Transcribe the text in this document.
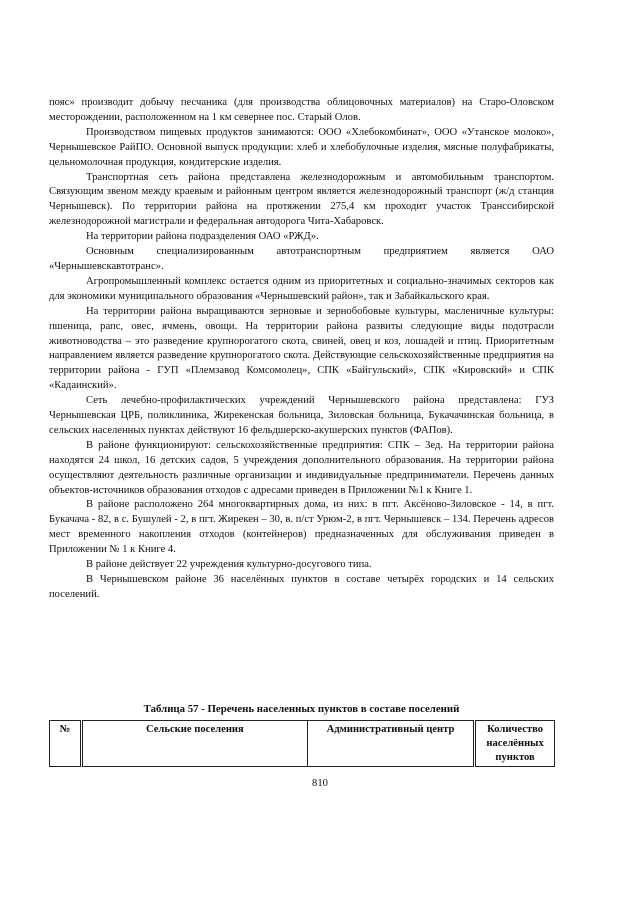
пояс» производит добычу песчаника (для производства облицовочных материалов) на Старо-Оловском месторождении, расположенном на 1 км севернее пос. Старый Олов.

Производством пищевых продуктов занимаются: ООО «Хлебокомбинат», ООО «Утанское молоко», Чернышевское РайПО. Основной выпуск продукции: хлеб и хлебобулочные изделия, мясные полуфабрикаты, цельномолочная продукция, кондитерские изделия.

Транспортная сеть района представлена железнодорожным и автомобильным транспортом. Связующим звеном между краевым и районным центром является железнодорожный транспорт (ж/д станция Чернышевск). По территории района на протяжении 275,4 км проходит участок Транссибирской железнодорожной магистрали и федеральная автодорога Чита-Хабаровск.

На территории района подразделения ОАО «РЖД».

Основным специализированным автотранспортным предприятием является ОАО «Чернышевскавтотранс».

Агропромышленный комплекс остается одним из приоритетных и социально-значимых секторов как для экономики муниципального образования «Чернышевский район», так и Забайкальского края.

На территории района выращиваются зерновые и зернобобовые культуры, масленичные культуры: пшеница, рапс, овес, ячмень, овощи. На территории района развиты следующие виды подотрасли животноводства – это разведение крупнорогатого скота, свиней, овец и коз, лошадей и птиц. Приоритетным направлением является разведение крупнорогатого скота. Действующие сельскохозяйственные предприятия на территории района - ГУП «Племзавод Комсомолец», СПК «Байгульский», СПК «Кировский» и СПК «Кадаинский».

Сеть лечебно-профилактических учреждений Чернышевского района представлена: ГУЗ Чернышевская ЦРБ, поликлиника, Жирекенская больница, Зиловская больница, Букачачинская больница, в сельских населенных пунктах действуют 16 фельдшерско-акушерских пунктов (ФАПов).

В районе функционируют: сельскохозяйственные предприятия: СПК – 3ед. На территории района находятся 24 школ, 16 детских садов, 5 учреждения дополнительного образования. На территории района осуществляют деятельность различные организации и индивидуальные предприниматели. Перечень данных объектов-источников образования отходов с адресами приведен в Приложении №1 к Книге 1.

В районе расположено 264 многоквартирных дома, из них: в пгт. Аксёново-Зиловское - 14, в пгт. Букачача - 82, в с. Бушулей - 2, в пгт. Жирекен – 30, в. п/ст Урюм-2, в пгт. Чернышевск – 134. Перечень адресов мест временного накопления отходов (контейнеров) предназначенных для обслуживания приведен в Приложении № 1 к Книге 4.

В районе действует 22 учреждения культурно-досугового типа.

В Чернышевском районе 36 населённых пунктов в составе четырёх городских и 14 сельских поселений.

Таблица 57 - Перечень населенных пунктов в составе поселений

№	Сельские поселения	Административный центр	Количество населённых пунктов
810
